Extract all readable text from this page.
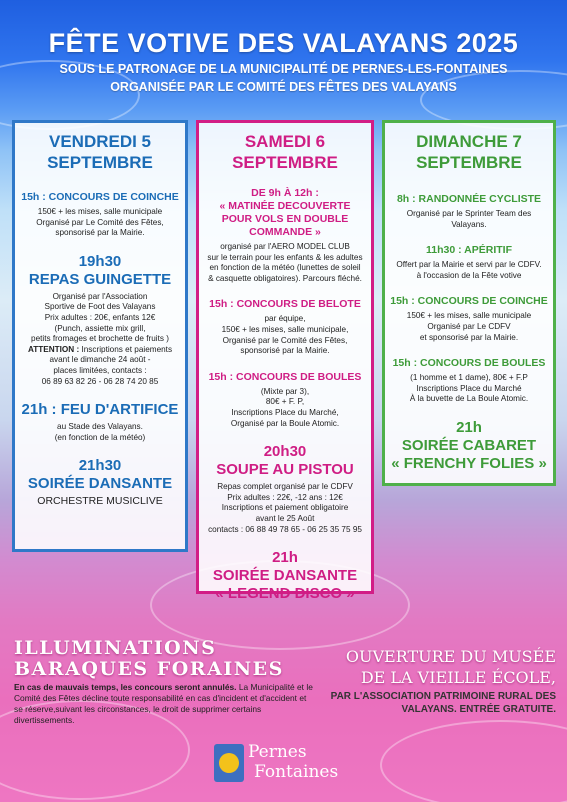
FÊTE VOTIVE DES VALAYANS 2025
SOUS LE PATRONAGE DE LA MUNICIPALITÉ DE PERNES-LES-FONTAINES
ORGANISÉE PAR LE COMITÉ DES FÊTES DES VALAYANS
VENDREDI 5
SEPTEMBRE
15h : CONCOURS DE COINCHE
150€ + les mises, salle municipale
Organisé par Le Comité des Fêtes,
sponsorisé par la Mairie.
19h30
REPAS GUINGETTE
Organisé par l'Association
Sportive de Foot des Valayans
Prix adultes : 20€, enfants 12€
(Punch, assiette mix grill,
petits fromages et brochette de fruits )
ATTENTION : Inscriptions et paiements
avant le dimanche 24 août -
places limitées, contacts :
06 89 63 82 26 - 06 28 74 20 85
21h : FEU D'ARTIFICE
au Stade des Valayans.
(en fonction de la météo)
21h30
SOIRÉE DANSANTE
ORCHESTRE MUSICLIVE
SAMEDI 6
SEPTEMBRE
DE 9h À 12h :
« MATINÉE DECOUVERTE POUR VOLS EN DOUBLE COMMANDE »
organisé par l'AERO MODEL CLUB
sur le terrain pour les enfants & les adultes
en fonction de la météo (lunettes de soleil
& casquette obligatoires). Parcours fléché.
15h : CONCOURS DE BELOTE
par équipe,
150€ + les mises, salle municipale,
Organisé par le Comité des Fêtes,
sponsorisé par la Mairie.
15h : CONCOURS DE BOULES
(Mixte par 3),
80€ + F. P,
Inscriptions Place du Marché,
Organisé par la Boule Atomic.
20h30
SOUPE AU PISTOU
Repas complet organisé par le CDFV
Prix adultes : 22€, -12 ans : 12€
Inscriptions et paiement obligatoire
avant le 25 Août
contacts : 06 88 49 78 65 - 06 25 35 75 95
21h
SOIRÉE DANSANTE
« LEGEND DISCO »
DIMANCHE 7
SEPTEMBRE
8h : RANDONNÉE CYCLISTE
Organisé par le Sprinter Team des Valayans.
11h30 : APÉRITIF
Offert par la Mairie et servi par le CDFV.
à l'occasion de la Fête votive
15h : CONCOURS DE COINCHE
150€ + les mises, salle municipale
Organisé par Le CDFV
et sponsorisé par la Mairie.
15h : CONCOURS DE BOULES
(1 homme et 1 dame), 80€ + F.P
Inscriptions Place du Marché
À la buvette de La Boule Atomic.
21h
SOIRÉE CABARET
« FRENCHY FOLIES »
ILLUMINATIONS
BARAQUES FORAINES
En cas de mauvais temps, les concours seront annulés. La Municipalité et le Comité des Fêtes décline toute responsabilité en cas d'incident et d'accident et se réserve,suivant les circonstances, le droit de supprimer certains divertissements.
OUVERTURE DU MUSÉE
DE LA VIEILLE ÉCOLE,
PAR L'ASSOCIATION PATRIMOINE RURAL DES VALAYANS. ENTRÉE GRATUITE.
Pernes
Fontaines
